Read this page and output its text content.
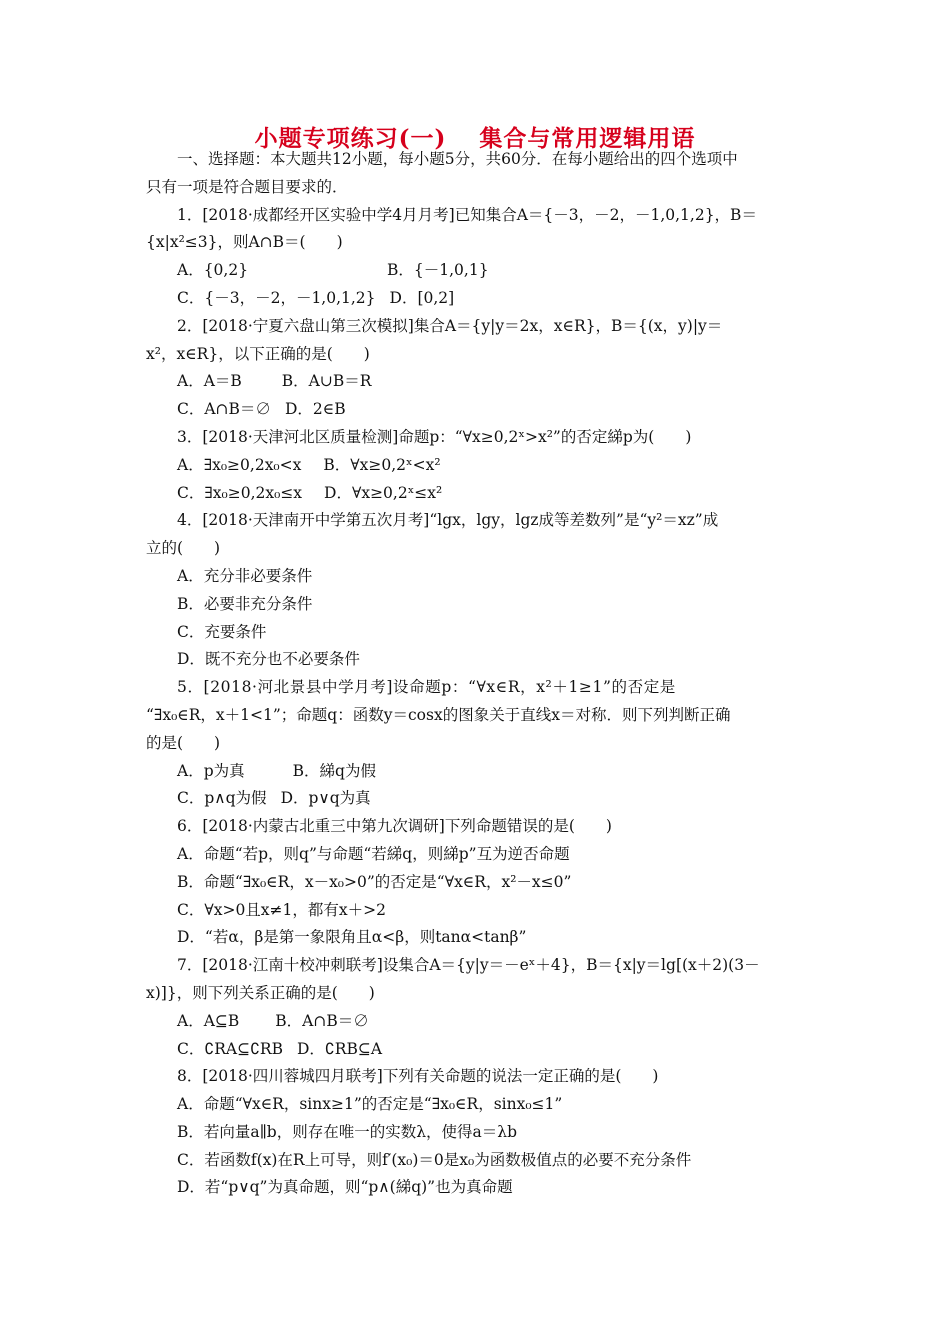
小题专项练习(一)　 集合与常用逻辑用语
一、选择题：本大题共12小题，每小题5分，共60分．在每小题给出的四个选项中
只有一项是符合题目要求的．
1．[2018·成都经开区实验中学4月月考]已知集合A＝{－3，－2，－1,0,1,2}，B＝
{x|x²≤3}，则A∩B＝(　　)
A．{0,2}	B．{－1,0,1}
C．{－3，－2，－1,0,1,2} D．[0,2]
2．[2018·宁夏六盘山第三次模拟]集合A＝{y|y＝2x，x∈R}，B＝{(x，y)|y＝
x²，x∈R}，以下正确的是(　　)
A．A＝B	B．A∪B＝R
C．A∩B＝∅ D．2∈B
3．[2018·天津河北区质量检测]命题p：“∀x≥0,2ˣ>x²”的否定綈p为(　　)
A．∃x₀≥0,2x₀<x B．∀x≥0,2ˣ<x²
C．∃x₀≥0,2x₀≤x D．∀x≥0,2ˣ≤x²
4．[2018·天津南开中学第五次月考]“lgx，lgy，lgz成等差数列”是“y²＝xz”成
立的(　　)
A．充分非必要条件
B．必要非充分条件
C．充要条件
D．既不充分也不必要条件
5．[2018·河北景县中学月考]设命题p：“∀x∈R，x²＋1≥1”的否定是
“∃x₀∈R，x＋1<1”；命题q：函数y＝cosx的图象关于直线x＝对称．则下列判断正确
的是(　　)
A．p为真	B．綈q为假
C．p∧q为假 D．p∨q为真
6．[2018·内蒙古北重三中第九次调研]下列命题错误的是(　　)
A．命题“若p，则q”与命题“若綈q，则綈p”互为逆否命题
B．命题“∃x₀∈R，x－x₀>0”的否定是“∀x∈R，x²－x≤0”
C．∀x>0且x≠1，都有x＋>2
D．“若α，β是第一象限角且α<β，则tanα<tanβ”
7．[2018·江南十校冲刺联考]设集合A＝{y|y＝－eˣ＋4}，B＝{x|y＝lg[(x＋2)(3－
x)]}，则下列关系正确的是(　　)
A．A⊆B B．A∩B＝∅
C．∁RA⊆∁RB D．∁RB⊆A
8．[2018·四川蓉城四月联考]下列有关命题的说法一定正确的是(　　)
A．命题“∀x∈R，sinx≥1”的否定是“∃x₀∈R，sinx₀≤1”
B．若向量a∥b，则存在唯一的实数λ，使得a＝λb
C．若函数f(x)在R上可导，则f′(x₀)＝0是x₀为函数极值点的必要不充分条件
D．若“p∨q”为真命题，则“p∧(綈q)”也为真命题
